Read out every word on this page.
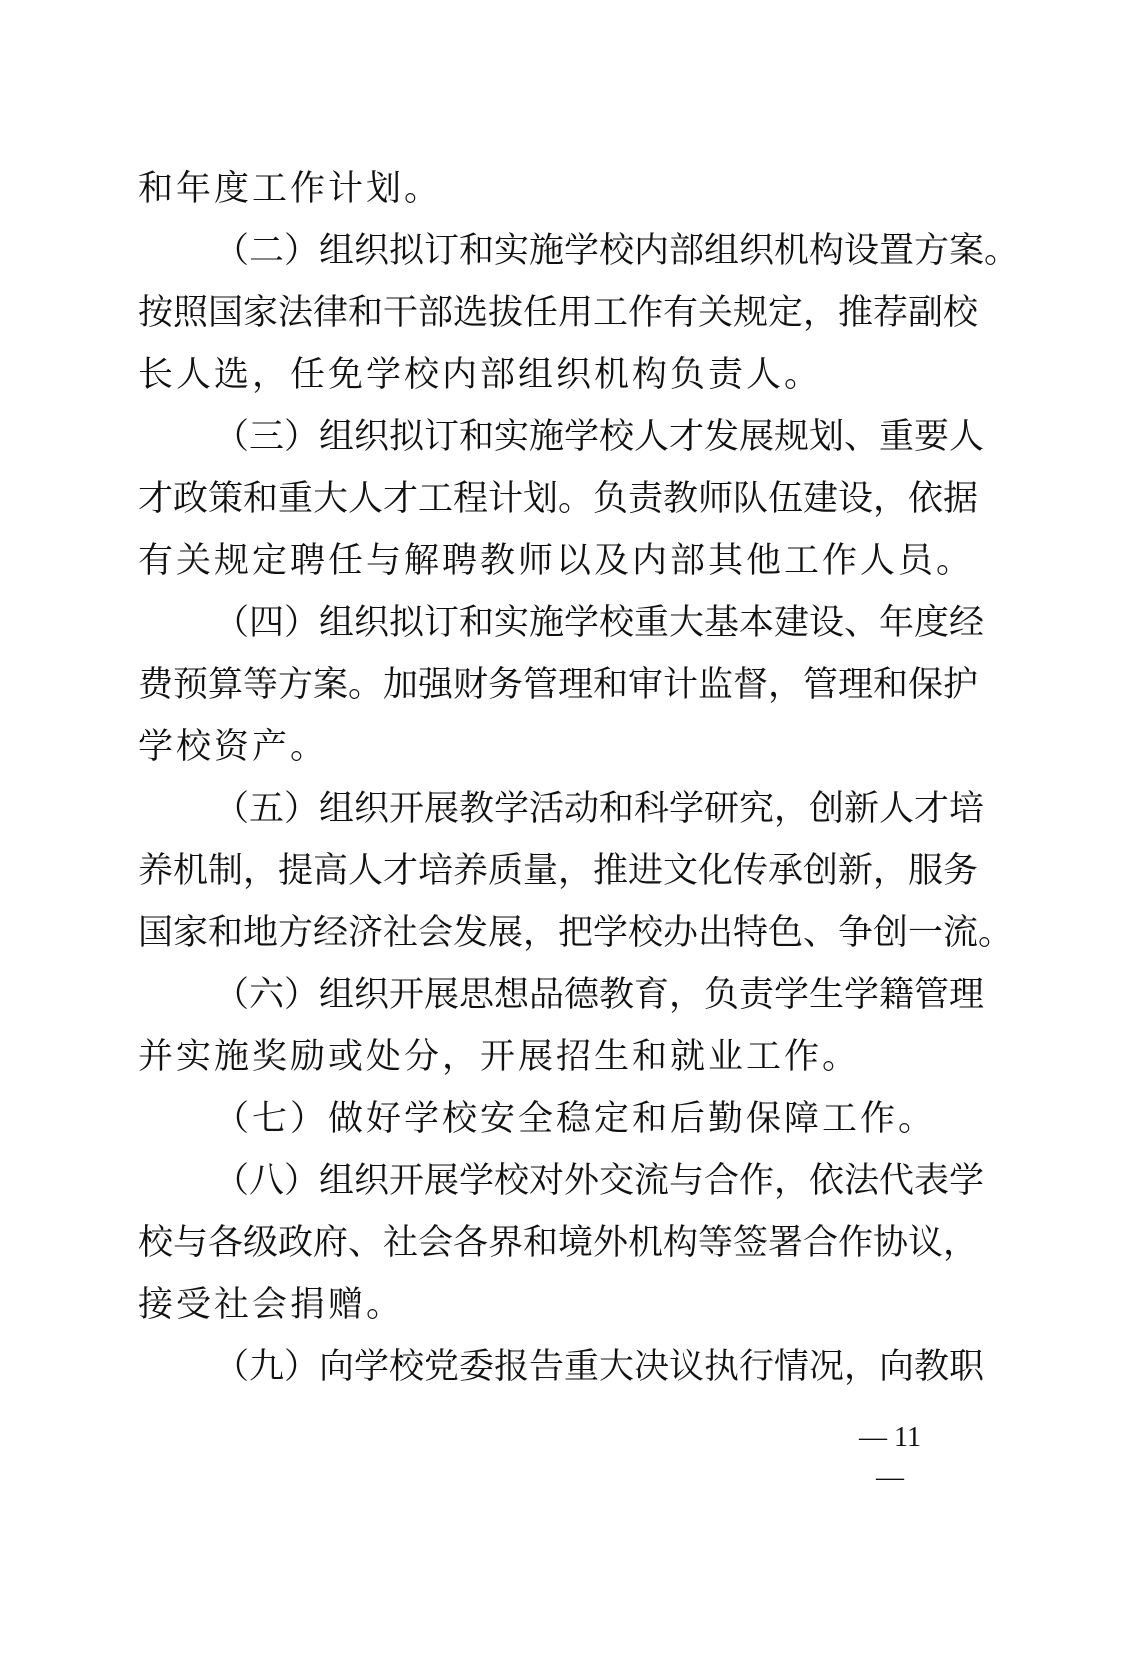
和年度工作计划。
（二）组织拟订和实施学校内部组织机构设置方案。
按照国家法律和干部选拔任用工作有关规定，推荐副校
长人选，任免学校内部组织机构负责人。
（三）组织拟订和实施学校人才发展规划、重要人
才政策和重大人才工程计划。负责教师队伍建设，依据
有关规定聘任与解聘教师以及内部其他工作人员。
（四）组织拟订和实施学校重大基本建设、年度经
费预算等方案。加强财务管理和审计监督，管理和保护
学校资产。
（五）组织开展教学活动和科学研究，创新人才培
养机制，提高人才培养质量，推进文化传承创新，服务
国家和地方经济社会发展，把学校办出特色、争创一流。
（六）组织开展思想品德教育，负责学生学籍管理
并实施奖励或处分，开展招生和就业工作。
（七）做好学校安全稳定和后勤保障工作。
（八）组织开展学校对外交流与合作，依法代表学
校与各级政府、社会各界和境外机构等签署合作协议，
接受社会捐赠。
（九）向学校党委报告重大决议执行情况，向教职
— 11 —
